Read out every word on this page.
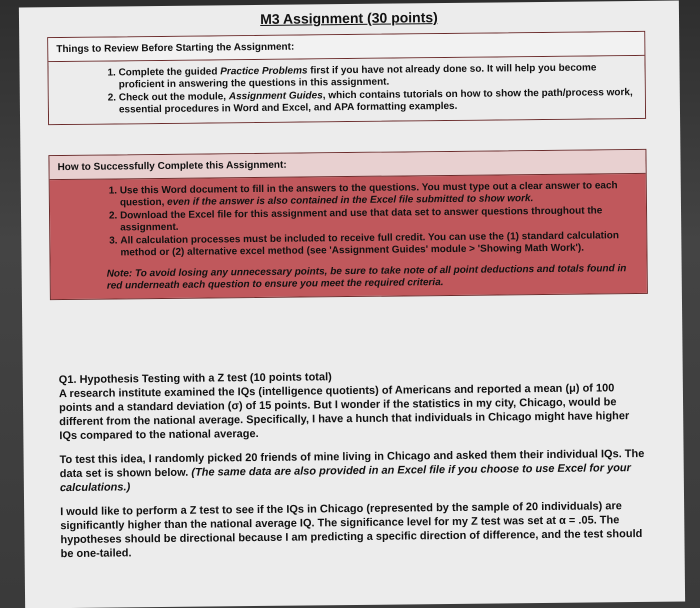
M3 Assignment (30 points)
Things to Review Before Starting the Assignment:
1. Complete the guided Practice Problems first if you have not already done so. It will help you become proficient in answering the questions in this assignment.
2. Check out the module, Assignment Guides, which contains tutorials on how to show the path/process work, essential procedures in Word and Excel, and APA formatting examples.
How to Successfully Complete this Assignment:
1. Use this Word document to fill in the answers to the questions. You must type out a clear answer to each question, even if the answer is also contained in the Excel file submitted to show work.
2. Download the Excel file for this assignment and use that data set to answer questions throughout the assignment.
3. All calculation processes must be included to receive full credit. You can use the (1) standard calculation method or (2) alternative excel method (see 'Assignment Guides' module > 'Showing Math Work').
Note: To avoid losing any unnecessary points, be sure to take note of all point deductions and totals found in red underneath each question to ensure you meet the required criteria.
Q1. Hypothesis Testing with a Z test (10 points total)

A research institute examined the IQs (intelligence quotients) of Americans and reported a mean (μ) of 100 points and a standard deviation (σ) of 15 points. But I wonder if the statistics in my city, Chicago, would be different from the national average. Specifically, I have a hunch that individuals in Chicago might have higher IQs compared to the national average.

To test this idea, I randomly picked 20 friends of mine living in Chicago and asked them their individual IQs. The data set is shown below. (The same data are also provided in an Excel file if you choose to use Excel for your calculations.)

I would like to perform a Z test to see if the IQs in Chicago (represented by the sample of 20 individuals) are significantly higher than the national average IQ. The significance level for my Z test was set at α = .05. The hypotheses should be directional because I am predicting a specific direction of difference, and the test should be one-tailed.
